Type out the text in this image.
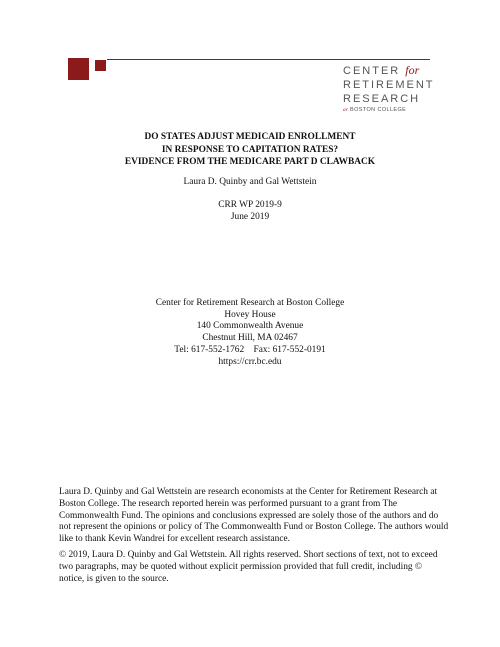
CENTER for
RETIREMENT
RESEARCH
at BOSTON COLLEGE
DO STATES ADJUST MEDICAID ENROLLMENT
IN RESPONSE TO CAPITATION RATES?
EVIDENCE FROM THE MEDICARE PART D CLAWBACK
Laura D. Quinby and Gal Wettstein
CRR WP 2019-9
June 2019
Center for Retirement Research at Boston College
Hovey House
140 Commonwealth Avenue
Chestnut Hill, MA 02467
Tel: 617-552-1762    Fax: 617-552-0191
https://crr.bc.edu

Laura D. Quinby and Gal Wettstein are research economists at the Center for Retirement Research at Boston College. The research reported herein was performed pursuant to a grant from The Commonwealth Fund. The opinions and conclusions expressed are solely those of the authors and do not represent the opinions or policy of The Commonwealth Fund or Boston College. The authors would like to thank Kevin Wandrei for excellent research assistance.

© 2019, Laura D. Quinby and Gal Wettstein. All rights reserved. Short sections of text, not to exceed two paragraphs, may be quoted without explicit permission provided that full credit, including © notice, is given to the source.
